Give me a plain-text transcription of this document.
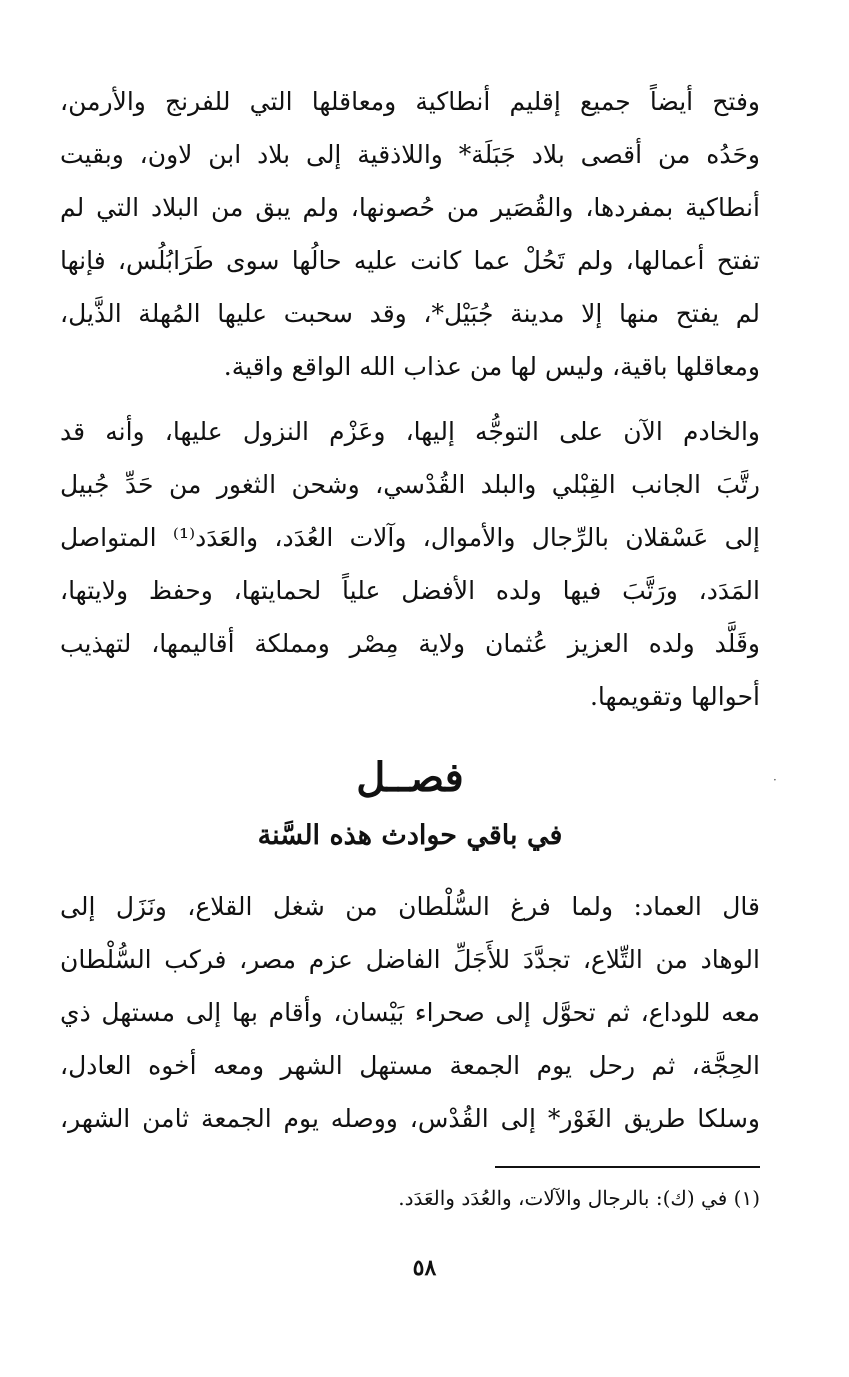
وفتح أيضاً جميع إقليم أنطاكية ومعاقلها التي للفرنج والأرمن،
وحَدُه من أقصى بلاد جَبَلَة* واللاذقية إلى بلاد ابن لاون، وبقيت
أنطاكية بمفردها، والقُصَير من حُصونها، ولم يبق من البلاد التي لم
تفتح أعمالها، ولم تَحُلْ عما كانت عليه حالُها سوى طَرَابُلُس، فإنها
لم يفتح منها إلا مدينة جُبَيْل*، وقد سحبت عليها المُهلة الذَّيل،
ومعاقلها باقية، وليس لها من عذاب الله الواقع واقية.
والخادم الآن على التوجُّه إليها، وعَزْم النزول عليها، وأنه قد
رتَّبَ الجانب القِبْلي والبلد القُدْسي، وشحن الثغور من حَدِّ جُبيل
إلى عَسْقلان بالرِّجال والأموال، وآلات العُدَد، والعَدَد⁽¹⁾ المتواصل
المَدَد، ورَتَّبَ فيها ولده الأفضل علياً لحمايتها، وحفظ ولايتها،
وقَلَّد ولده العزيز عُثمان ولاية مِصْر ومملكة أقاليمها، لتهذيب
أحوالها وتقويمها.
فصــل	·
في باقي حوادث هذه السَّنة
قال العماد: ولما فرغ السُّلْطان من شغل القلاع، ونَزَل إلى
الوهاد من التِّلاع، تجدَّدَ للأَجَلِّ الفاضل عزم مصر، فركب السُّلْطان
معه للوداع، ثم تحوَّل إلى صحراء بَيْسان، وأقام بها إلى مستهل ذي
الحِجَّة، ثم رحل يوم الجمعة مستهل الشهر ومعه أخوه العادل،
وسلكا طريق الغَوْر* إلى القُدْس، ووصله يوم الجمعة ثامن الشهر،
(١) في (ك): بالرجال والآلات، والعُدَد والعَدَد.
٥٨
